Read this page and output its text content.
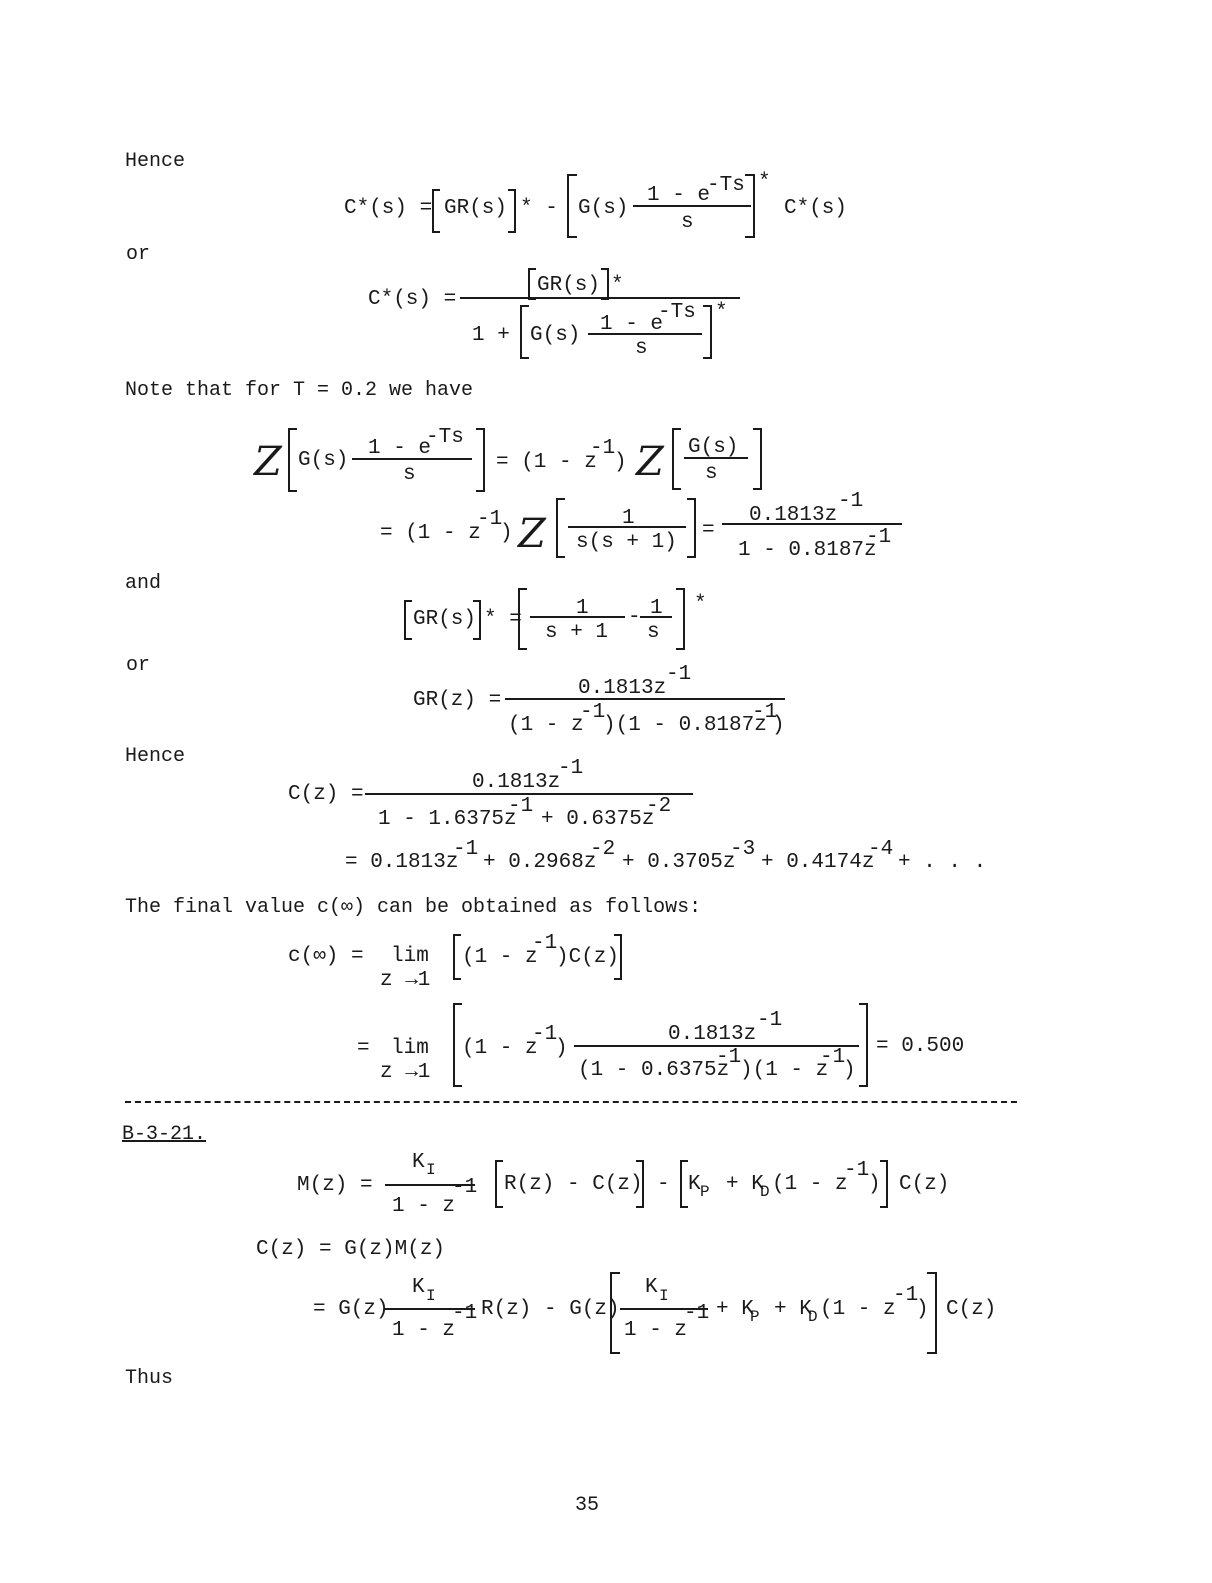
Hence
or
Note that for T = 0.2 we have
and
or
Hence
The final value c(∞) can be obtained as follows:
B-3-21.
Thus
35
C*(s) = GR(s) * - G(s)
1 - e
-Ts
s
*
C*(s)
C*(s) =
GR(s) *
1 + G(s) 1 - e
-Ts
s
*
Z G(s)
1 - e
-Ts
s
= (1 - z
-1
) Z G(s)
s
= (1 - z
-1
) Z	1
s(s + 1)
=
0.1813z
-1
1 - 0.8187z
-1
GR(s) * =	1
s + 1
- 1
s
*
GR(z) =
0.1813z
-1
(1 - z
-1
)(1 - 0.8187z
-1
)
C(z) =
0.1813z
-1
1 - 1.6375z
-1
+ 0.6375z
-2
= 0.1813z
-1
+ 0.2968z
-2
+ 0.3705z
-3
+ 0.4174z
-4
+ . . .
c(∞) = lim
z →1
(1 - z
-1
)C(z)
= lim
z →1
(1 - z
-1
)
0.1813z
-1
(1 - 0.6375z
-1
)(1 - z
-1
)
= 0.500
M(z) =
K I
1 - z
-1 R(z) - C(z) - K P + K
D (1 - z
-1
) C(z)
C(z) = G(z)M(z)
= G(z)
K I
1 - z
-1 R(z) - G(z)
K I
1 - z
-1 + K
P + K
D (1 - z
-1
) C(z)
